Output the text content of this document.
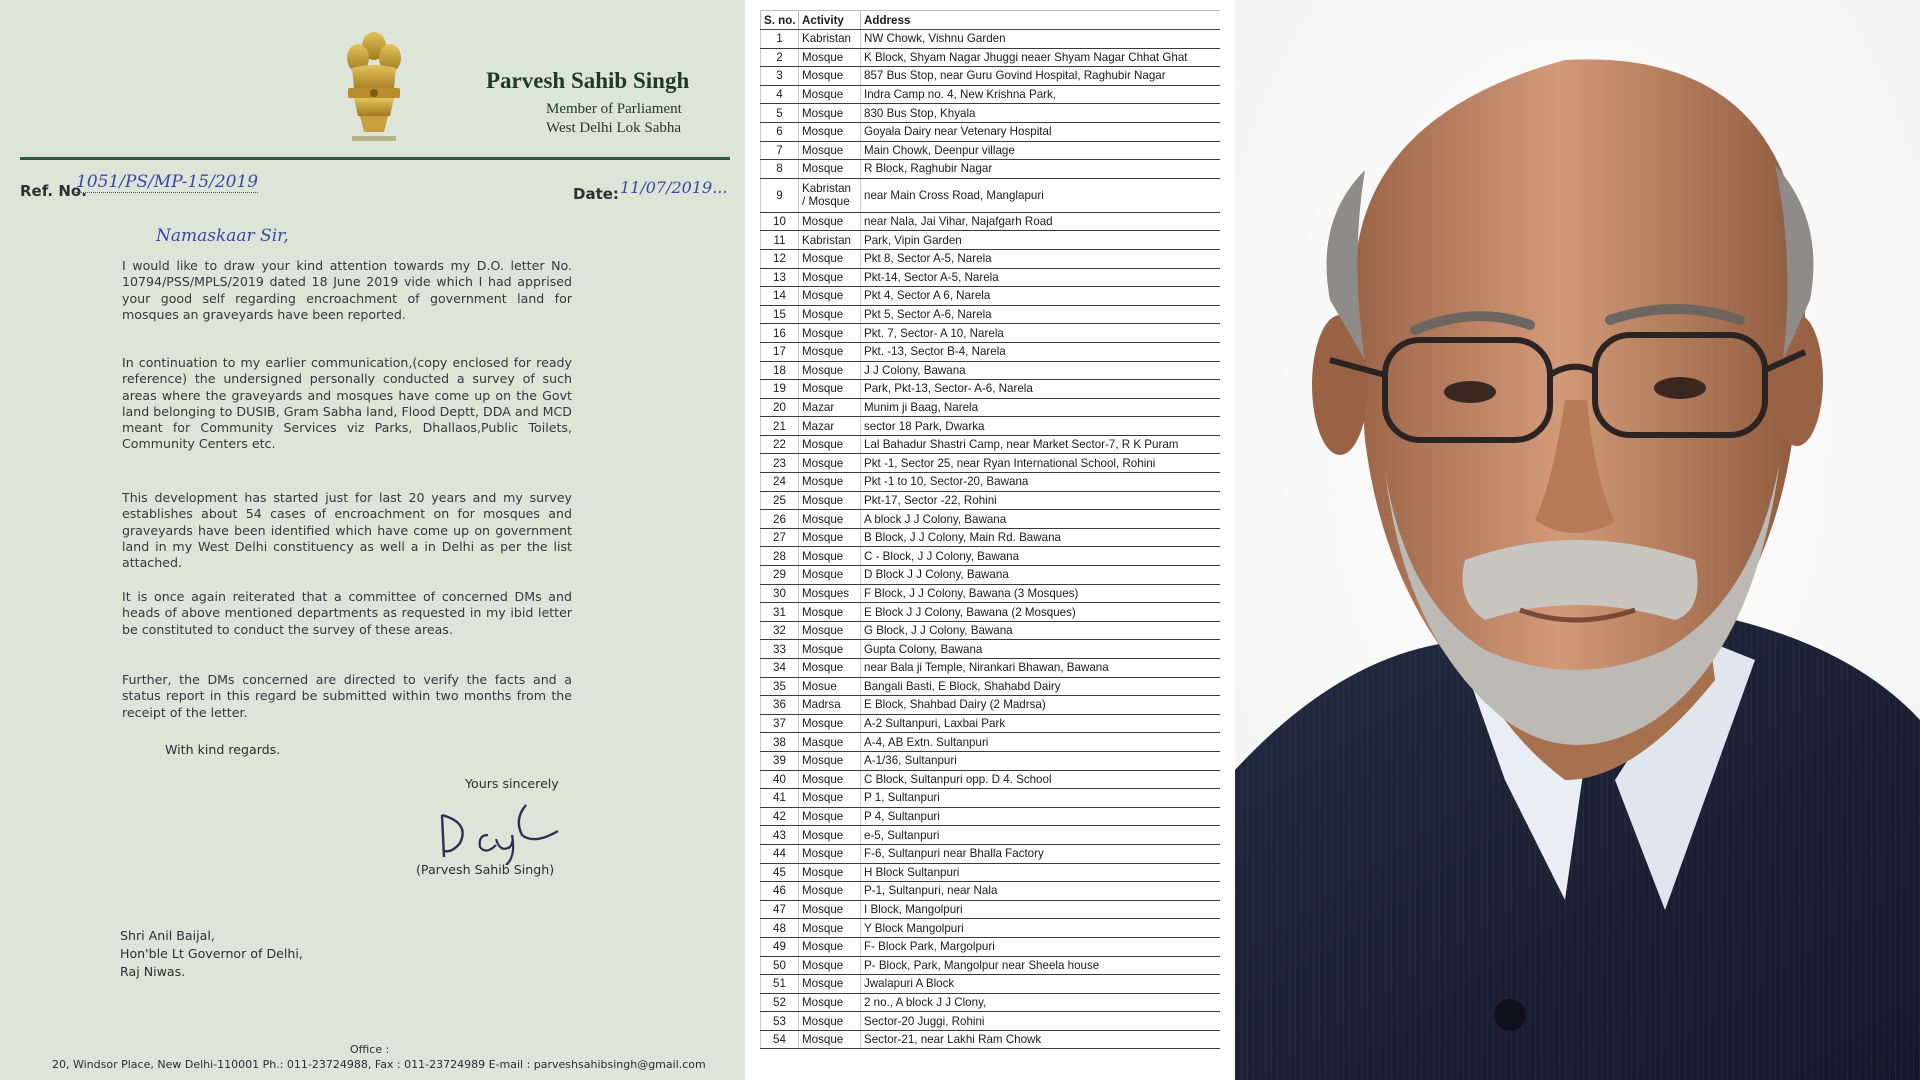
Parvesh Sahib Singh
Member of Parliament
West Delhi Lok Sabha
Ref. No.
1051/PS/MP-15/2019
Date: 11/07/2019...
Namaskaar Sir,

I would like to draw your kind attention towards my D.O. letter No. 10794/PSS/MPLS/2019 dated 18 June 2019 vide which I had apprised your good self regarding encroachment of government land for mosques an graveyards have been reported.

In continuation to my earlier communication,(copy enclosed for ready reference) the undersigned personally conducted a survey of such areas where the graveyards and mosques have come up on the Govt land belonging to DUSIB, Gram Sabha land, Flood Deptt, DDA and MCD meant for Community Services viz Parks, Dhallaos,Public Toilets, Community Centers etc.

This development has started just for last 20 years and my survey establishes about 54 cases of encroachment on for mosques and graveyards have been identified which have come up on government land in my West Delhi constituency as well a in Delhi as per the list attached.

It is once again reiterated that a committee of concerned DMs and heads of above mentioned departments as requested in my ibid letter be constituted to conduct the survey of these areas.

Further, the DMs concerned are directed to verify the facts and a status report in this regard be submitted within two months from the receipt of the letter.

With kind regards.
Yours sincerely
(Parvesh Sahib Singh)
Shri Anil Baijal,
Hon'ble Lt Governor of Delhi,
Raj Niwas.
Office :
20, Windsor Place, New Delhi-110001 Ph.: 011-23724988, Fax : 011-23724989 E-mail : parveshsahibsingh@gmail.com
S. no.	Activity	Address
1	Kabristan	NW Chowk, Vishnu Garden
2	Mosque	K Block, Shyam Nagar Jhuggi neaer Shyam Nagar Chhat Ghat
3	Mosque	857 Bus Stop, near Guru Govind Hospital, Raghubir Nagar
4	Mosque	Indra Camp no. 4, New Krishna Park,
5	Mosque	830 Bus Stop, Khyala
6	Mosque	Goyala Dairy near Vetenary Hospital
7	Mosque	Main Chowk, Deenpur village
8	Mosque	R Block, Raghubir Nagar
9	Kabristan / Mosque	near Main Cross Road, Manglapuri
10	Mosque	near Nala, Jai Vihar, Najafgarh Road
11	Kabristan	Park, Vipin Garden
12	Mosque	Pkt 8, Sector A-5, Narela
13	Mosque	Pkt-14, Sector A-5, Narela
14	Mosque	Pkt 4, Sector A 6, Narela
15	Mosque	Pkt 5, Sector A-6, Narela
16	Mosque	Pkt. 7, Sector- A 10, Narela
17	Mosque	Pkt. -13, Sector B-4, Narela
18	Mosque	J J Colony, Bawana
19	Mosque	Park, Pkt-13, Sector- A-6, Narela
20	Mazar	Munim ji Baag, Narela
21	Mazar	sector 18 Park, Dwarka
22	Mosque	Lal Bahadur Shastri Camp, near Market Sector-7, R K Puram
23	Mosque	Pkt -1, Sector 25, near Ryan International School, Rohini
24	Mosque	Pkt -1 to 10, Sector-20, Bawana
25	Mosque	Pkt-17, Sector -22, Rohini
26	Mosque	A block J J Colony, Bawana
27	Mosque	B Block, J J Colony, Main Rd. Bawana
28	Mosque	C - Block, J J Colony, Bawana
29	Mosque	D Block J J Colony, Bawana
30	Mosques	F Block, J J Colony, Bawana (3 Mosques)
31	Mosque	E Block J J Colony, Bawana (2 Mosques)
32	Mosque	G Block, J J Colony, Bawana
33	Mosque	Gupta Colony, Bawana
34	Mosque	near Bala ji Temple, Nirankari Bhawan, Bawana
35	Mosue	Bangali Basti, E Block, Shahabd Dairy
36	Madrsa	E Block, Shahbad Dairy (2 Madrsa)
37	Mosque	A-2 Sultanpuri, Laxbai Park
38	Masque	A-4, AB Extn. Sultanpuri
39	Mosque	A-1/36, Sultanpuri
40	Mosque	C Block, Sultanpuri opp. D 4. School
41	Mosque	P 1, Sultanpuri
42	Mosque	P 4, Sultanpuri
43	Mosque	e-5, Sultanpuri
44	Mosque	F-6, Sultanpuri near Bhalla Factory
45	Mosque	H Block Sultanpuri
46	Mosque	P-1, Sultanpuri, near Nala
47	Mosque	I Block, Mangolpuri
48	Mosque	Y Block Mangolpuri
49	Mosque	F- Block Park, Margolpuri
50	Mosque	P- Block, Park, Mangolpur near Sheela house
51	Mosque	Jwalapuri A Block
52	Mosque	2 no., A block J J Clony,
53	Mosque	Sector-20 Juggi, Rohini
54	Mosque	Sector-21, near Lakhi Ram Chowk
